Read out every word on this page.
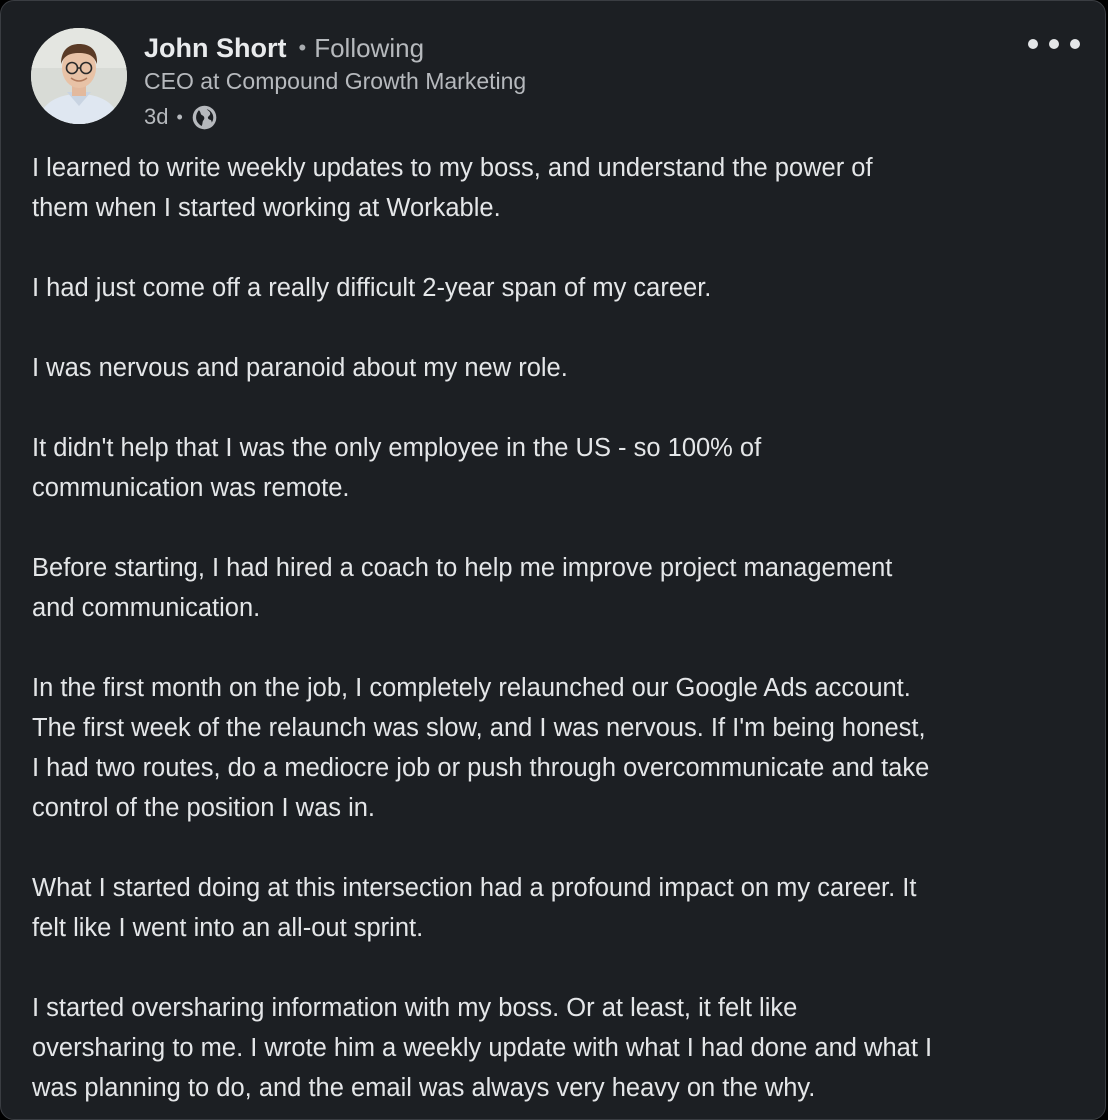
John Short • Following
CEO at Compound Growth Marketing
3d •

I learned to write weekly updates to my boss, and understand the power of
them when I started working at Workable.

I had just come off a really difficult 2-year span of my career.

I was nervous and paranoid about my new role.

It didn't help that I was the only employee in the US - so 100% of
communication was remote.

Before starting, I had hired a coach to help me improve project management
and communication.

In the first month on the job, I completely relaunched our Google Ads account.
The first week of the relaunch was slow, and I was nervous. If I'm being honest,
I had two routes, do a mediocre job or push through overcommunicate and take
control of the position I was in.

What I started doing at this intersection had a profound impact on my career. It
felt like I went into an all-out sprint.

I started oversharing information with my boss. Or at least, it felt like
oversharing to me. I wrote him a weekly update with what I had done and what I
was planning to do, and the email was always very heavy on the why.
